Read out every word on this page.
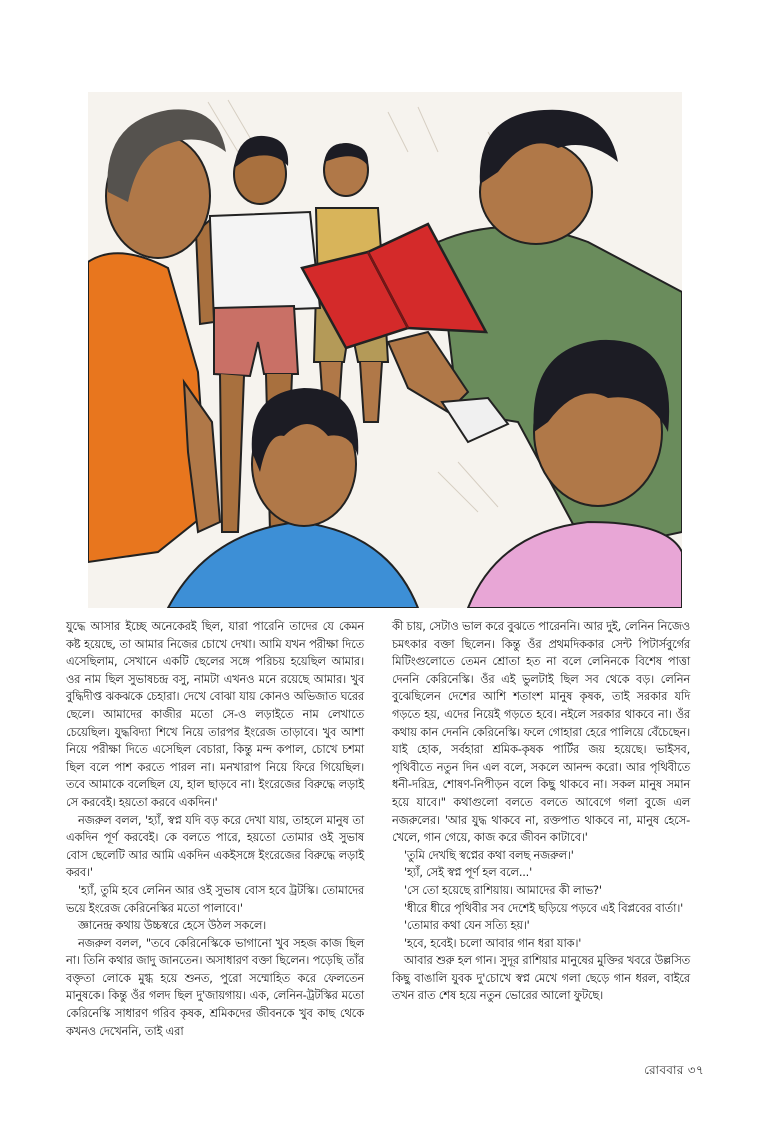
যুদ্ধে আসার ইচ্ছে অনেকেরই ছিল, যারা পারেনি তাদের যে কেমন কষ্ট হয়েছে, তা আমার নিজের চোখে দেখা। আমি যখন পরীক্ষা দিতে এসেছিলাম, সেখানে একটি ছেলের সঙ্গে পরিচয় হয়েছিল আমার। ওর নাম ছিল সুভাষচন্দ্র বসু, নামটা এখনও মনে রয়েছে আমার। খুব বুদ্ধিদীপ্ত ঝকঝকে চেহারা। দেখে বোঝা যায় কোনও অভিজাত ঘরের ছেলে। আমাদের কাজীর মতো সে-ও লড়াইতে নাম লেখাতে চেয়েছিল। যুদ্ধবিদ্যা শিখে নিয়ে তারপর ইংরেজ তাড়াবে। খুব আশা নিয়ে পরীক্ষা দিতে এসেছিল বেচারা, কিন্তু মন্দ কপাল, চোখে চশমা ছিল বলে পাশ করতে পারল না। মনখারাপ নিয়ে ফিরে গিয়েছিল। তবে আমাকে বলেছিল যে, হাল ছাড়বে না। ইংরেজের বিরুদ্ধে লড়াই সে করবেই। হয়তো করবে একদিন।'

নজরুল বলল, 'হ্যাঁ, স্বপ্ন যদি বড় করে দেখা যায়, তাহলে মানুষ তা একদিন পূর্ণ করবেই। কে বলতে পারে, হয়তো তোমার ওই সুভাষ বোস ছেলেটি আর আমি একদিন একইসঙ্গে ইংরেজের বিরুদ্ধে লড়াই করব।'

'হ্যাঁ, তুমি হবে লেনিন আর ওই সুভাষ বোস হবে ট্রটস্কি। তোমাদের ভয়ে ইংরেজ কেরিনেস্কির মতো পালাবে।'

জ্ঞানেন্দ্র কথায় উচ্চস্বরে হেসে উঠল সকলে।

নজরুল বলল, "তবে কেরিনেস্কিকে ভাগানো খুব সহজ কাজ ছিল না। তিনি কথার জাদু জানতেন। অসাধারণ বক্তা ছিলেন। পড়েছি তাঁর বক্তৃতা লোকে মুগ্ধ হয়ে শুনত, পুরো সম্মোহিত করে ফেলতেন মানুষকে। কিন্তু ওঁর গলদ ছিল দু'জায়গায়। এক, লেনিন-ট্রটস্কির মতো কেরিনেস্কি সাধারণ গরিব কৃষক, শ্রমিকদের জীবনকে খুব কাছ থেকে কখনও দেখেননি, তাই এরা

কী চায়, সেটাও ভাল করে বুঝতে পারেননি। আর দুই, লেনিন নিজেও চমৎকার বক্তা ছিলেন। কিন্তু ওঁর প্রথমদিককার সেন্ট পিটার্সবুর্গের মিটিংগুলোতে তেমন শ্রোতা হত না বলে লেনিনকে বিশেষ পাত্তা দেননি কেরিনেস্কি। ওঁর এই ভুলটাই ছিল সব থেকে বড়। লেনিন বুঝেছিলেন দেশের আশি শতাংশ মানুষ কৃষক, তাই সরকার যদি গড়তে হয়, এদের নিয়েই গড়তে হবে। নইলে সরকার থাকবে না। ওঁর কথায় কান দেননি কেরিনেস্কি। ফলে গোহারা হেরে পালিয়ে বেঁচেছেন। যাই হোক, সর্বহারা শ্রমিক-কৃষক পার্টির জয় হয়েছে। ভাইসব, পৃথিবীতে নতুন দিন এল বলে, সকলে আনন্দ করো। আর পৃথিবীতে ধনী-দরিদ্র, শোষণ-নিপীড়ন বলে কিছু থাকবে না। সকল মানুষ সমান হয়ে যাবে।" কথাগুলো বলতে বলতে আবেগে গলা বুজে এল নজরুলের। 'আর যুদ্ধ থাকবে না, রক্তপাত থাকবে না, মানুষ হেসে-খেলে, গান গেয়ে, কাজ করে জীবন কাটাবে।'

'তুমি দেখছি স্বপ্নের কথা বলছ নজরুল।'

'হ্যাঁ, সেই স্বপ্ন পূর্ণ হল বলে...'

'সে তো হয়েছে রাশিয়ায়। আমাদের কী লাভ?'

'ধীরে ধীরে পৃথিবীর সব দেশেই ছড়িয়ে পড়বে এই বিপ্লবের বার্তা।'

'তোমার কথা যেন সত্যি হয়।'

'হবে, হবেই। চলো আবার গান ধরা যাক।'

আবার শুরু হল গান। সুদূর রাশিয়ার মানুষের মুক্তির খবরে উল্লসিত কিছু বাঙালি যুবক দু'চোখে স্বপ্ন মেখে গলা ছেড়ে গান ধরল, বাইরে তখন রাত শেষ হয়ে নতুন ভোরের আলো ফুটছে।

রোববার ৩৭
